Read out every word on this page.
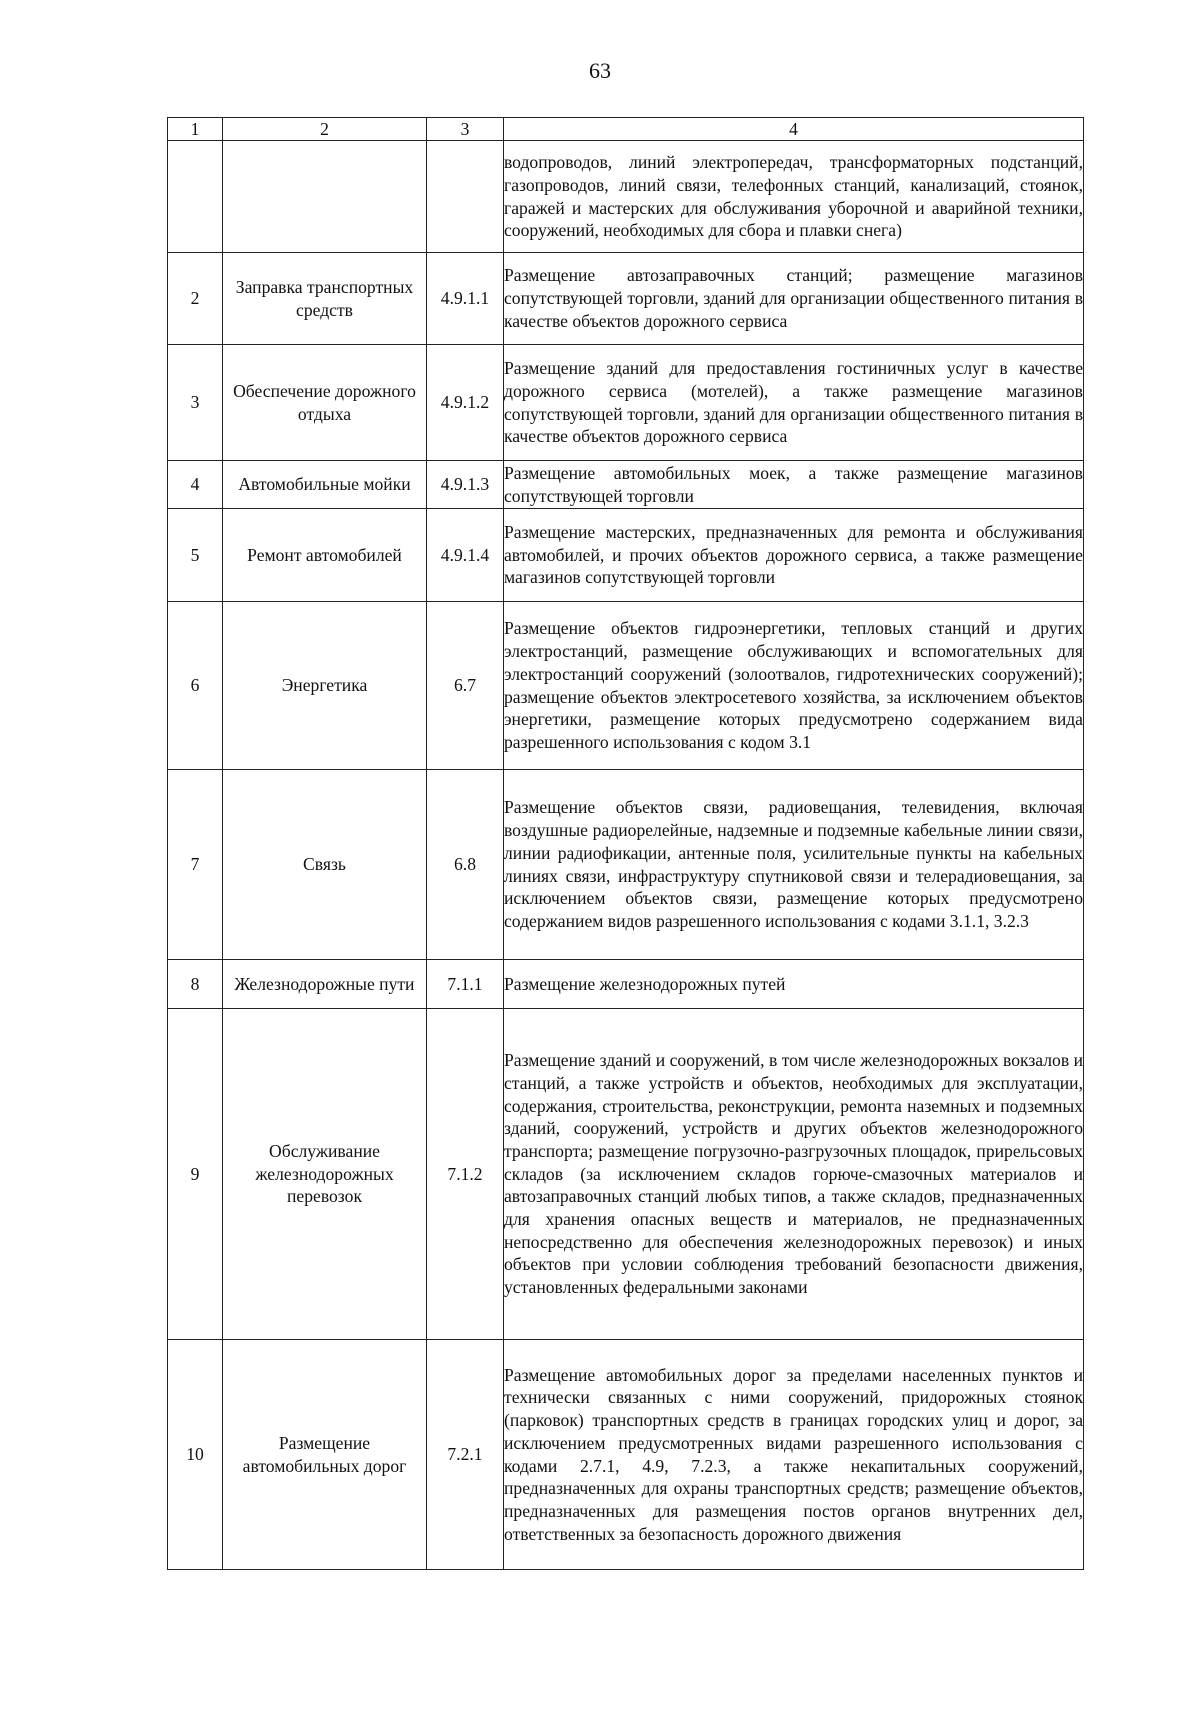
63
1	2	3	4
			водопроводов, линий электропередач, трансформаторных подстанций, газопроводов, линий связи, телефонных станций, канализаций, стоянок, гаражей и мастерских для обслуживания уборочной и аварийной техники, сооружений, необходимых для сбора и плавки снега)
2	Заправка транспортных средств	4.9.1.1	Размещение автозаправочных станций; размещение магазинов сопутствующей торговли, зданий для организации общественного питания в качестве объектов дорожного сервиса
3	Обеспечение дорожного отдыха	4.9.1.2	Размещение зданий для предоставления гостиничных услуг в качестве дорожного сервиса (мотелей), а также размещение магазинов сопутствующей торговли, зданий для организации общественного питания в качестве объектов дорожного сервиса
4	Автомобильные мойки	4.9.1.3	Размещение автомобильных моек, а также размещение магазинов сопутствующей торговли
5	Ремонт автомобилей	4.9.1.4	Размещение мастерских, предназначенных для ремонта и обслуживания автомобилей, и прочих объектов дорожного сервиса, а также размещение магазинов сопутствующей торговли
6	Энергетика	6.7	Размещение объектов гидроэнергетики, тепловых станций и других электростанций, размещение обслуживающих и вспомогательных для электростанций сооружений (золоотвалов, гидротехнических сооружений); размещение объектов электросетевого хозяйства, за исключением объектов энергетики, размещение которых предусмотрено содержанием вида разрешенного использования с кодом 3.1
7	Связь	6.8	Размещение объектов связи, радиовещания, телевидения, включая воздушные радиорелейные, надземные и подземные кабельные линии связи, линии радиофикации, антенные поля, усилительные пункты на кабельных линиях связи, инфраструктуру спутниковой связи и телерадиовещания, за исключением объектов связи, размещение которых предусмотрено содержанием видов разрешенного использования с кодами 3.1.1, 3.2.3
8	Железнодорожные пути	7.1.1	Размещение железнодорожных путей
9	Обслуживание железнодорожных перевозок	7.1.2	Размещение зданий и сооружений, в том числе железнодорожных вокзалов и станций, а также устройств и объектов, необходимых для эксплуатации, содержания, строительства, реконструкции, ремонта наземных и подземных зданий, сооружений, устройств и других объектов железнодорожного транспорта; размещение погрузочно-разгрузочных площадок, прирельсовых складов (за исключением складов горюче-смазочных материалов и автозаправочных станций любых типов, а также складов, предназначенных для хранения опасных веществ и материалов, не предназначенных непосредственно для обеспечения железнодорожных перевозок) и иных объектов при условии соблюдения требований безопасности движения, установленных федеральными законами
10	Размещение автомобильных дорог	7.2.1	Размещение автомобильных дорог за пределами населенных пунктов и технически связанных с ними сооружений, придорожных стоянок (парковок) транспортных средств в границах городских улиц и дорог, за исключением предусмотренных видами разрешенного использования с кодами 2.7.1, 4.9, 7.2.3, а также некапитальных сооружений, предназначенных для охраны транспортных средств; размещение объектов, предназначенных для размещения постов органов внутренних дел, ответственных за безопасность дорожного движения
